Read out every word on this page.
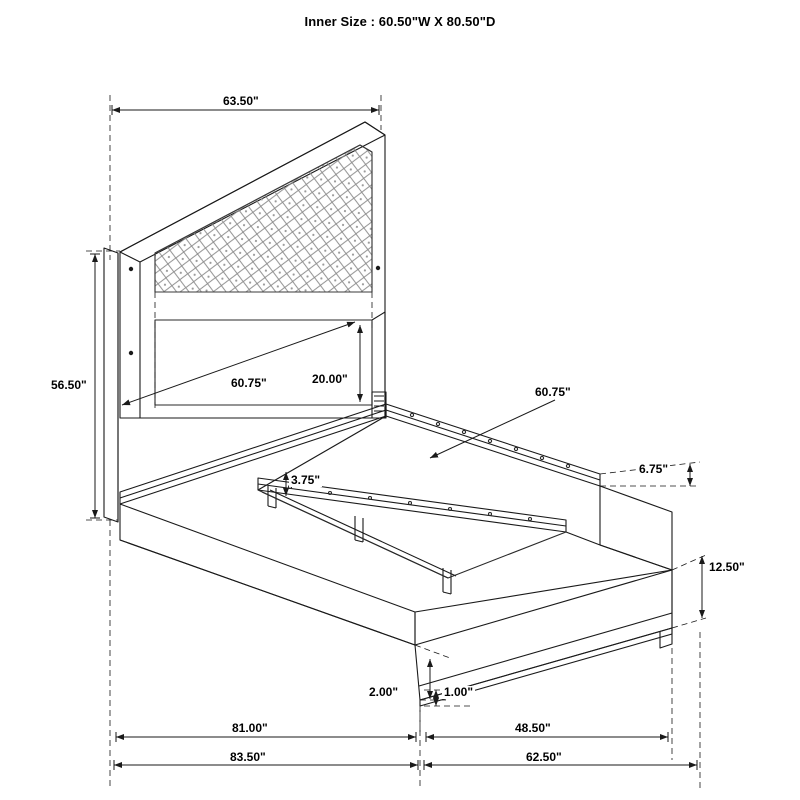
Inner Size : 60.50"W X 80.50"D
63.50"
56.50"	60.75"	20.00"
60.75"
6.75"
3.75"
12.50"
2.00"	1.00"
81.00"	48.50"
83.50"	62.50"
